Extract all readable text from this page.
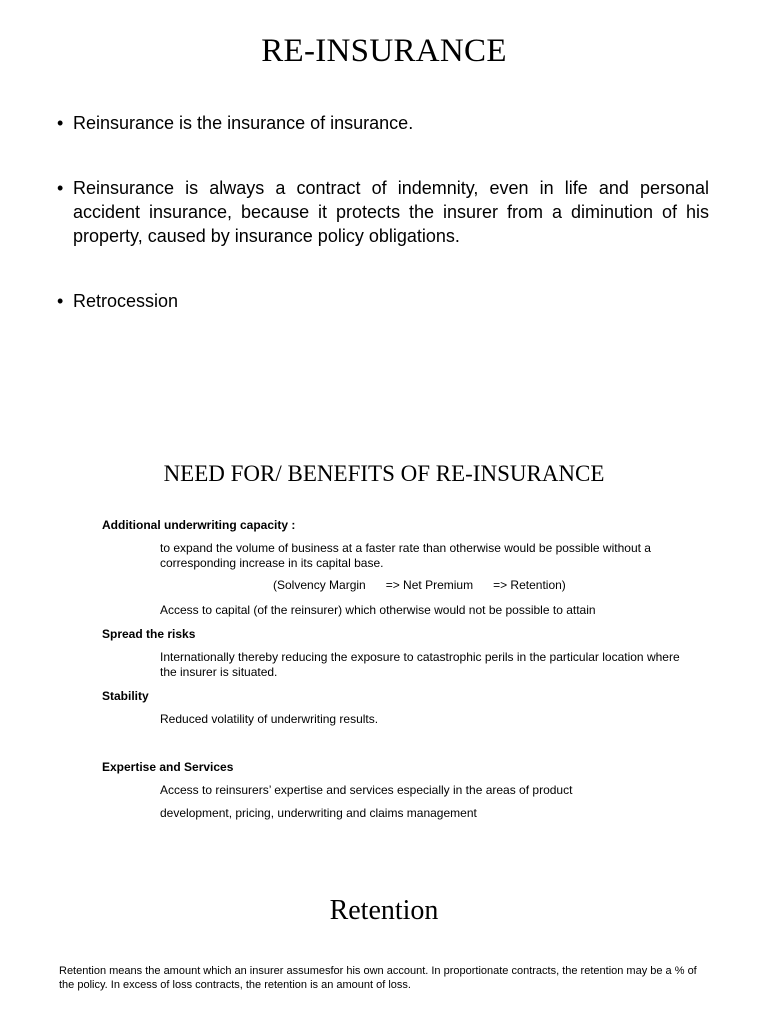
RE-INSURANCE
• Reinsurance is the insurance of insurance.
• Reinsurance is always a contract of indemnity, even in life and personal accident insurance, because it protects the insurer from a diminution of his property, caused by insurance policy obligations.
• Retrocession
NEED FOR/ BENEFITS OF RE-INSURANCE

Additional underwriting capacity :

to expand the volume of business at a faster rate than otherwise would be possible without a corresponding increase in its capital base.

(Solvency Margin      => Net Premium      => Retention)

Access to capital (of the reinsurer) which otherwise would not be possible to attain

Spread the risks

Internationally thereby reducing the exposure to catastrophic perils in the particular location where the insurer is situated.

Stability

Reduced volatility of underwriting results.

Expertise and Services

Access to reinsurers’ expertise and services especially in the areas of product

development, pricing, underwriting and claims management

Retention

Retention means the amount which an insurer assumesfor his own account. In proportionate contracts, the retention may be a % of the policy. In excess of loss contracts, the retention is an amount of loss.
